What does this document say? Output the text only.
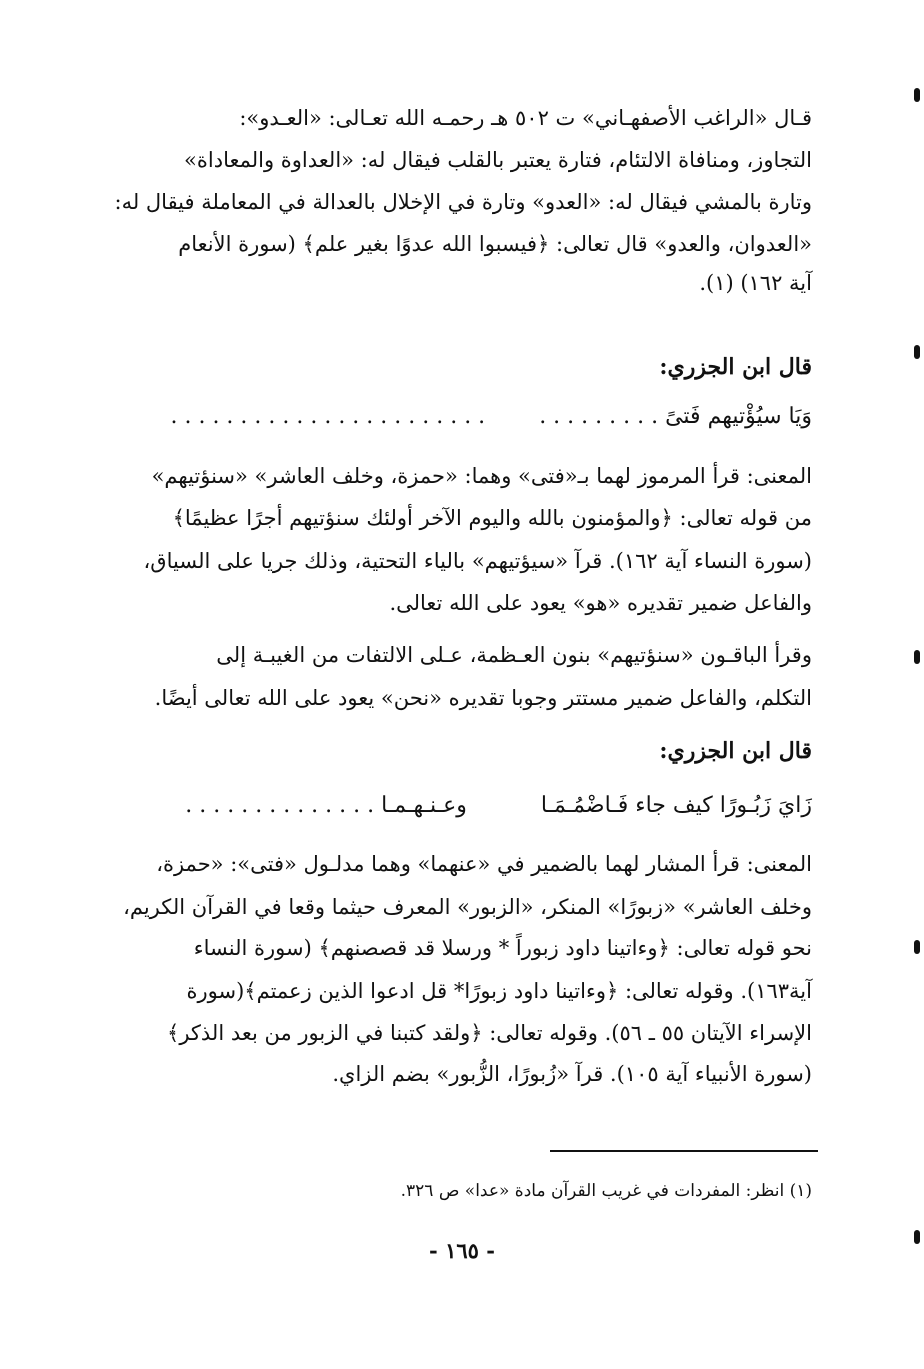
قـال «الراغب الأصفهـاني» ت ٥٠٢ هـ رحمـه الله تعـالى: «العـدو»:
التجاوز، ومنافاة الالتئام، فتارة يعتبر بالقلب فيقال له: «العداوة والمعاداة»
وتارة بالمشي فيقال له: «العدو» وتارة في الإخلال بالعدالة في المعاملة فيقال له:
«العدوان، والعدو» قال تعالى: ﴿فيسبوا الله عدوًا بغير علم﴾ (سورة الأنعام
آية ١٦٢) (١).
قال ابن الجزري:
وَيَا سيُؤْتيهم فَتىً . . . . . . . . .  . . . . . . . . . . . . . . . . . . . . . . .
المعنى: قرأ المرموز لهما بـ«فتى» وهما: «حمزة، وخلف العاشر» «سنؤتيهم»
من قوله تعالى: ﴿والمؤمنون بالله واليوم الآخر أولئك سنؤتيهم أجرًا عظيمًا﴾
(سورة النساء آية ١٦٢). قرآ «سيؤتيهم» بالياء التحتية، وذلك جريا على السياق،
والفاعل ضمير تقديره «هو» يعود على الله تعالى.
وقرأ الباقـون «سنؤتيهم» بنون العـظمة، عـلى الالتفات من الغيبـة إلى
التكلم، والفاعل ضمير مستتر وجوبا تقديره «نحن» يعود على الله تعالى أيضًا.
قال ابن الجزري:
زَايَ زَبُـورًا كيف جاء فَـاضْمُـمَـا  وعـنـهـمـا . . . . . . . . . . . . . .
المعنى: قرأ المشار لهما بالضمير في «عنهما» وهما مدلـول «فتى»: «حمزة،
وخلف العاشر» «زبورًا» المنكر، «الزبور» المعرف حيثما وقعا في القرآن الكريم،
نحو قوله تعالى: ﴿وءاتينا داود زبوراً * ورسلا قد قصصنهم﴾ (سورة النساء
آية١٦٣). وقوله تعالى: ﴿وءاتينا داود زبورًا* قل ادعوا الذين زعمتم﴾(سورة
الإسراء الآيتان ٥٥ ـ ٥٦). وقوله تعالى: ﴿ولقد كتبنا في الزبور من بعد الذكر﴾
(سورة الأنبياء آية ١٠٥). قرآ «زُبورًا، الزُّبور» بضم الزاي.
(١) انظر: المفردات في غريب القرآن مادة «عدا» ص ٣٢٦.
- ١٦٥ -
